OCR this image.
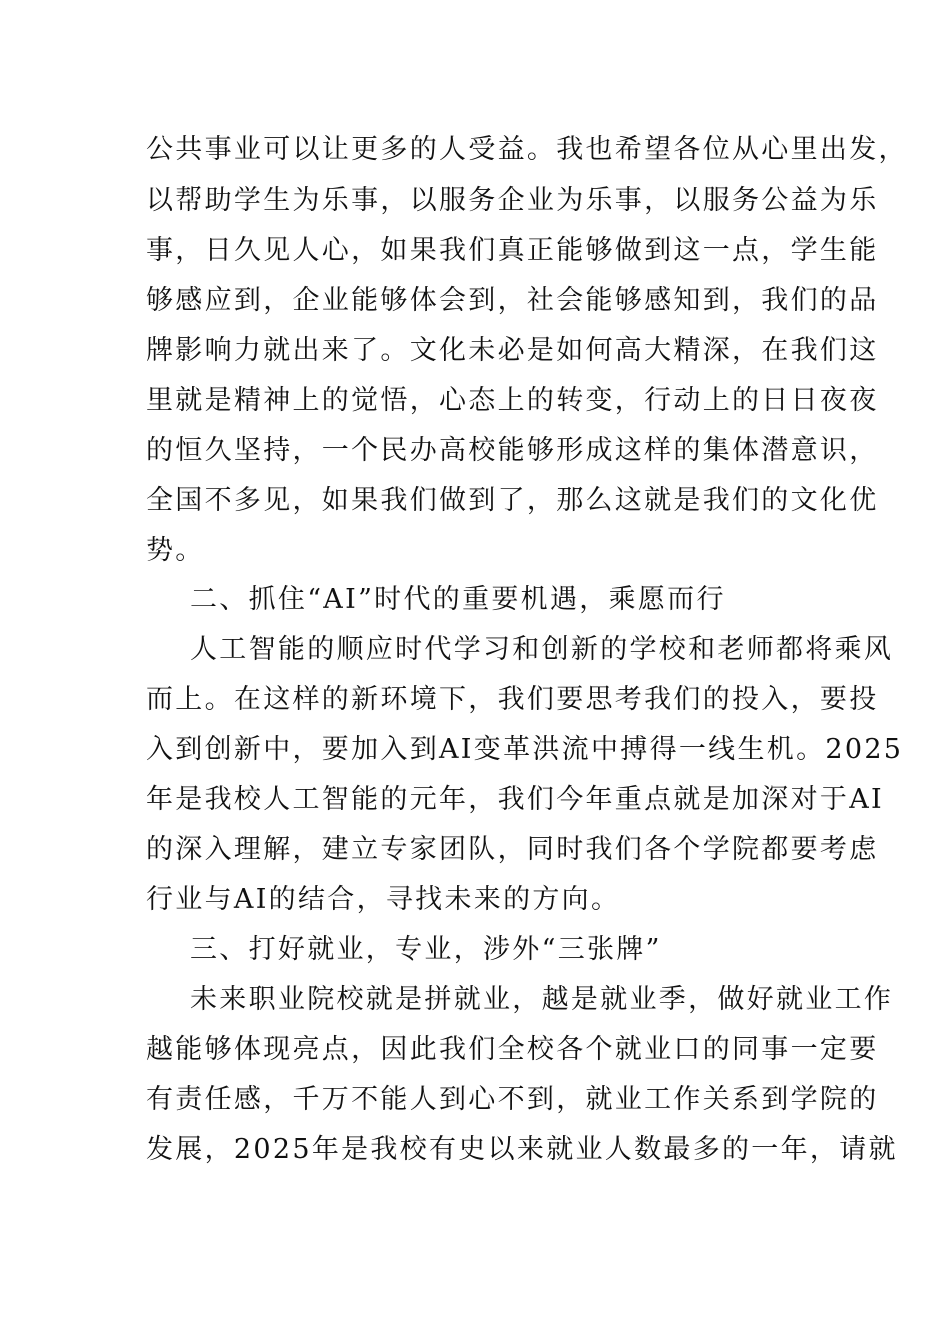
公共事业可以让更多的人受益。我也希望各位从心里出发，
以帮助学生为乐事，以服务企业为乐事，以服务公益为乐
事，日久见人心，如果我们真正能够做到这一点，学生能
够感应到，企业能够体会到，社会能够感知到，我们的品
牌影响力就出来了。文化未必是如何高大精深，在我们这
里就是精神上的觉悟，心态上的转变，行动上的日日夜夜
的恒久坚持，一个民办高校能够形成这样的集体潜意识，
全国不多见，如果我们做到了，那么这就是我们的文化优
势。
二、抓住“AI”时代的重要机遇，乘愿而行
人工智能的顺应时代学习和创新的学校和老师都将乘风
而上。在这样的新环境下，我们要思考我们的投入，要投
入到创新中，要加入到AI变革洪流中搏得一线生机。2025
年是我校人工智能的元年，我们今年重点就是加深对于AI
的深入理解，建立专家团队，同时我们各个学院都要考虑
行业与AI的结合，寻找未来的方向。
三、打好就业，专业，涉外“三张牌”
未来职业院校就是拼就业，越是就业季，做好就业工作
越能够体现亮点，因此我们全校各个就业口的同事一定要
有责任感，千万不能人到心不到，就业工作关系到学院的
发展，2025年是我校有史以来就业人数最多的一年，请就
